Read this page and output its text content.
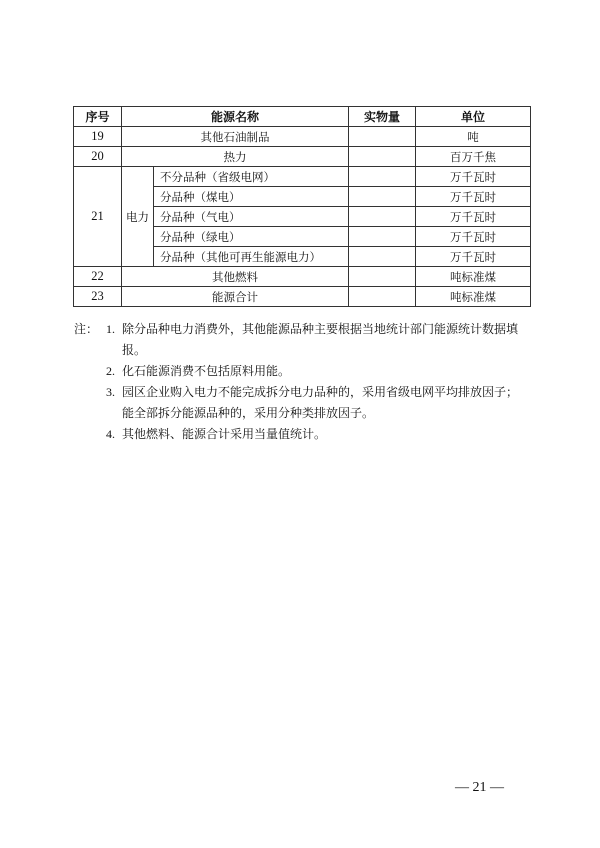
序号	能源名称		实物量	单位
19	其他石油制品			吨
20	热力			百万千焦
21	电力	不分品种（省级电网）		万千瓦时
		分品种（煤电）		万千瓦时
		分品种（气电）		万千瓦时
		分品种（绿电）		万千瓦时
		分品种（其他可再生能源电力）		万千瓦时
22	其他燃料			吨标准煤
23	能源合计			吨标准煤
注： 1. 除分品种电力消费外，其他能源品种主要根据当地统计部门能源统计数据填
报。
2. 化石能源消费不包括原料用能。
3. 园区企业购入电力不能完成拆分电力品种的，采用省级电网平均排放因子；
能全部拆分能源品种的，采用分种类排放因子。
4. 其他燃料、能源合计采用当量值统计。
— 21 —
